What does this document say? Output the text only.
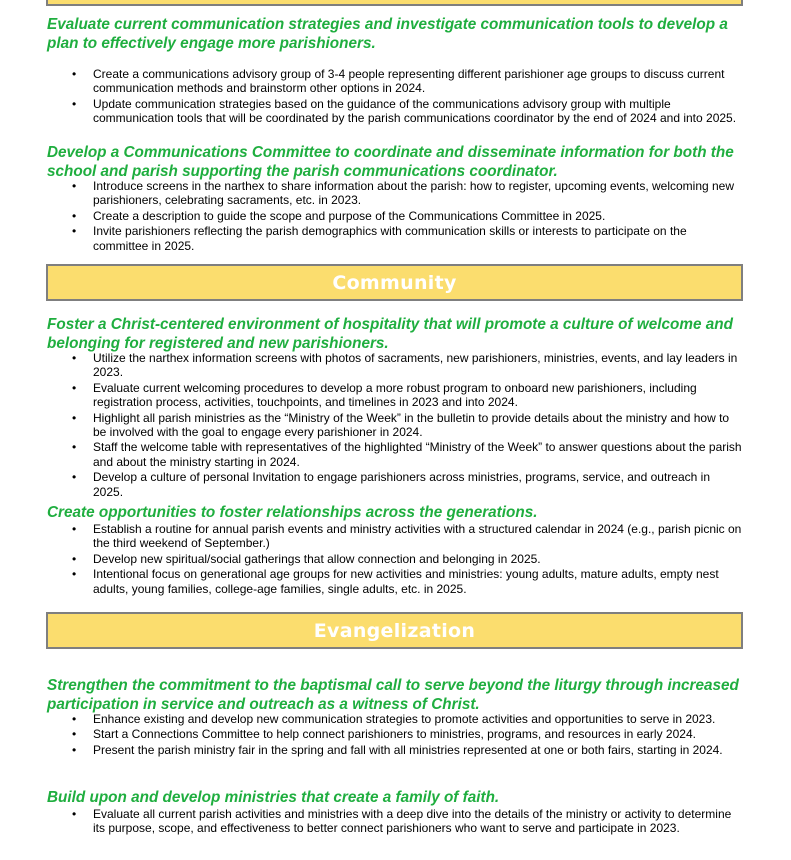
Evaluate current communication strategies and investigate communication tools to develop a plan to effectively engage more parishioners.

• Create a communications advisory group of 3-4 people representing different parishioner age groups to discuss current communication methods and brainstorm other options in 2024.
• Update communication strategies based on the guidance of the communications advisory group with multiple communication tools that will be coordinated by the parish communications coordinator by the end of 2024 and into 2025.

Develop a Communications Committee to coordinate and disseminate information for both the school and parish supporting the parish communications coordinator.

• Introduce screens in the narthex to share information about the parish: how to register, upcoming events, welcoming new parishioners, celebrating sacraments, etc. in 2023.
• Create a description to guide the scope and purpose of the Communications Committee in 2025.
• Invite parishioners reflecting the parish demographics with communication skills or interests to participate on the committee in 2025.
Community

Foster a Christ-centered environment of hospitality that will promote a culture of welcome and belonging for registered and new parishioners.

• Utilize the narthex information screens with photos of sacraments, new parishioners, ministries, events, and lay leaders in 2023.
• Evaluate current welcoming procedures to develop a more robust program to onboard new parishioners, including registration process, activities, touchpoints, and timelines in 2023 and into 2024.
• Highlight all parish ministries as the “Ministry of the Week” in the bulletin to provide details about the ministry and how to be involved with the goal to engage every parishioner in 2024.
• Staff the welcome table with representatives of the highlighted “Ministry of the Week” to answer questions about the parish and about the ministry starting in 2024.
• Develop a culture of personal Invitation to engage parishioners across ministries, programs, service, and outreach in 2025.

Create opportunities to foster relationships across the generations.

• Establish a routine for annual parish events and ministry activities with a structured calendar in 2024 (e.g., parish picnic on the third weekend of September.)
• Develop new spiritual/social gatherings that allow connection and belonging in 2025.
• Intentional focus on generational age groups for new activities and ministries: young adults, mature adults, empty nest adults, young families, college-age families, single adults, etc. in 2025.
Evangelization

Strengthen the commitment to the baptismal call to serve beyond the liturgy through increased participation in service and outreach as a witness of Christ.

• Enhance existing and develop new communication strategies to promote activities and opportunities to serve in 2023.
• Start a Connections Committee to help connect parishioners to ministries, programs, and resources in early 2024.
• Present the parish ministry fair in the spring and fall with all ministries represented at one or both fairs, starting in 2024.

Build upon and develop ministries that create a family of faith.

• Evaluate all current parish activities and ministries with a deep dive into the details of the ministry or activity to determine its purpose, scope, and effectiveness to better connect parishioners who want to serve and participate in 2023.
